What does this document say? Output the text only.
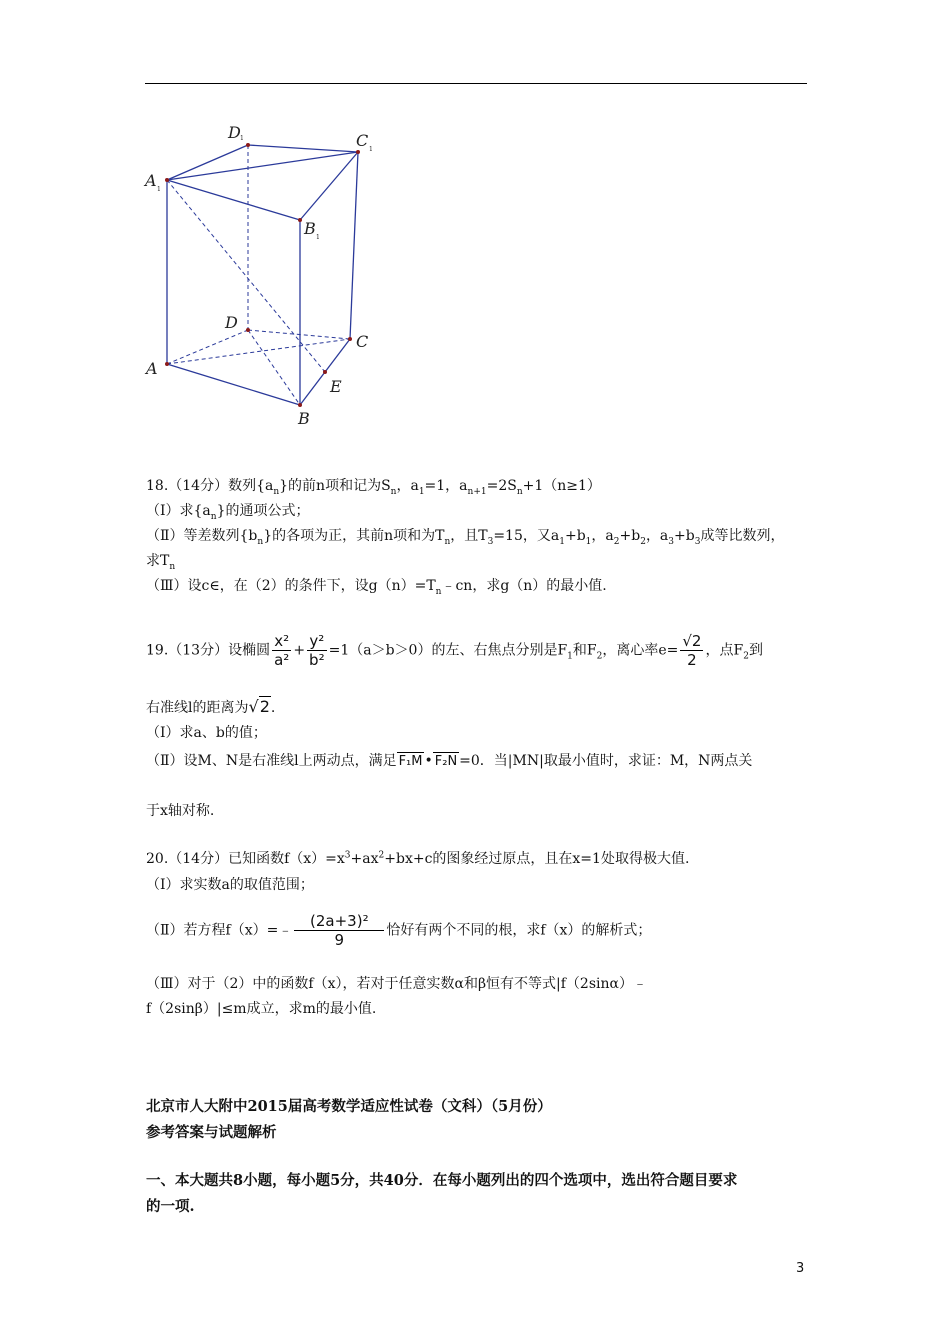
D 1	C 1
A 1
B 1
D
C
A
E
B
18.（14分）数列$\{a_n\}$的前n项和记为$S_n$，$a_1=1$，$a_{n+1}=2S_n+1(n\ge 1)$
（Ⅰ）求$\{a_n\}$的通项公式；
（Ⅱ）等差数列$\{b_n\}$的各项为正，其前n项和为$T_n$，且$T_3=15$，又$a_1+b_1$，$a_2+b_2$，$a_3+b_3$成等比数列，
求$T_n$
（Ⅲ）设c∈，在（2）的条件下，设$g(n)=T_n﹣cn$，求g（n）的最小值.
19.（13分）设椭圆 $\frac{\text{x²}}{\text{a²}} + \frac{\text{y²}}{\text{b²}} =1(a>b>0)$的左、右焦点分别是$F_1$和$F_2$，离心率$e= \frac{√2}{2}$ ，点$F_2$到
右准线l的距离为√2.
（Ⅰ）求a、b的值；
（Ⅱ）设M、N是右准线l上两动点，满足 F₁M • F₂N =0．当|MN|取最小值时，求证：M，N两点关
于x轴对称.
20.（14分）已知函数$f(x)=x^3+ax^2+bx+c$的图象经过原点，且在x=1处取得极大值.
（Ⅰ）求实数a的取值范围；
（Ⅱ）若方程f（x）=﹣ $\frac{\text{(2a+3)²}}{9}$ 恰好有两个不同的根，求f（x）的解析式；
（Ⅲ）对于（2）中的函数f（x），若对于任意实数α和β恒有不等式|f（2sinα）﹣
f（2sinβ）|≤m成立，求m的最小值.
北京市人大附中2015届高考数学适应性试卷（文科）（5月份）
参考答案与试题解析
一、本大题共8小题，每小题5分，共40分．在每小题列出的四个选项中，选出符合题目要求
的一项.
3
